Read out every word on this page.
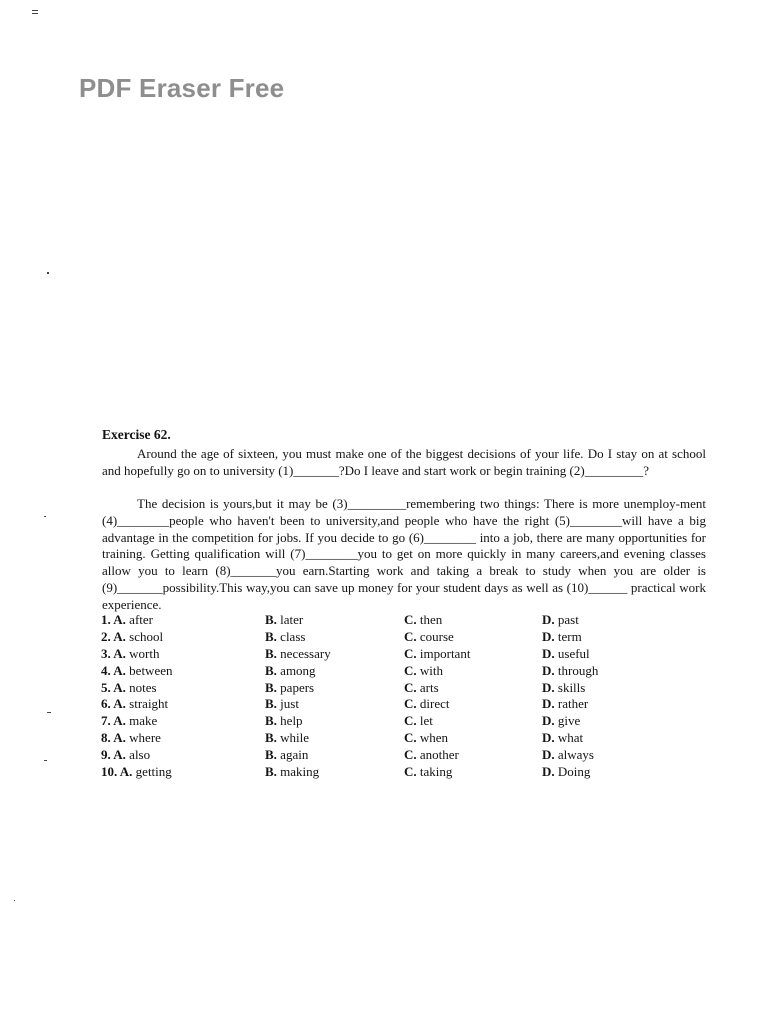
PDF Eraser Free
Exercise 62.
Around the age of sixteen, you must make one of the biggest decisions of your life. Do I stay on at school and hopefully go on to university (1)_______?Do I leave and start work or begin training (2)_________?
The decision is yours,but it may be (3)_________remembering two things: There is more unemploy-ment (4)________people who haven't been to university,and people who have the right (5)________will have a big advantage in the competition for jobs. If you decide to go (6)________ into a job, there are many opportunities for training. Getting qualification will (7)________you to get on more quickly in many careers,and evening classes allow you to learn (8)_______you earn.Starting work and taking a break to study when you are older is (9)_______possibility.This way,you can save up money for your student days as well as (10)______ practical work experience.
1. A. after	B. later	C. then	D. past
2. A. school	B. class	C. course	D. term
3. A. worth	B. necessary	C. important	D. useful
4. A. between	B. among	C. with	D. through
5. A. notes	B. papers	C. arts	D. skills
6. A. straight	B. just	C. direct	D. rather
7. A. make	B. help	C. let	D. give
8. A. where	B. while	C. when	D. what
9. A. also	B. again	C. another	D. always
10. A. getting	B. making	C. taking	D. Doing
